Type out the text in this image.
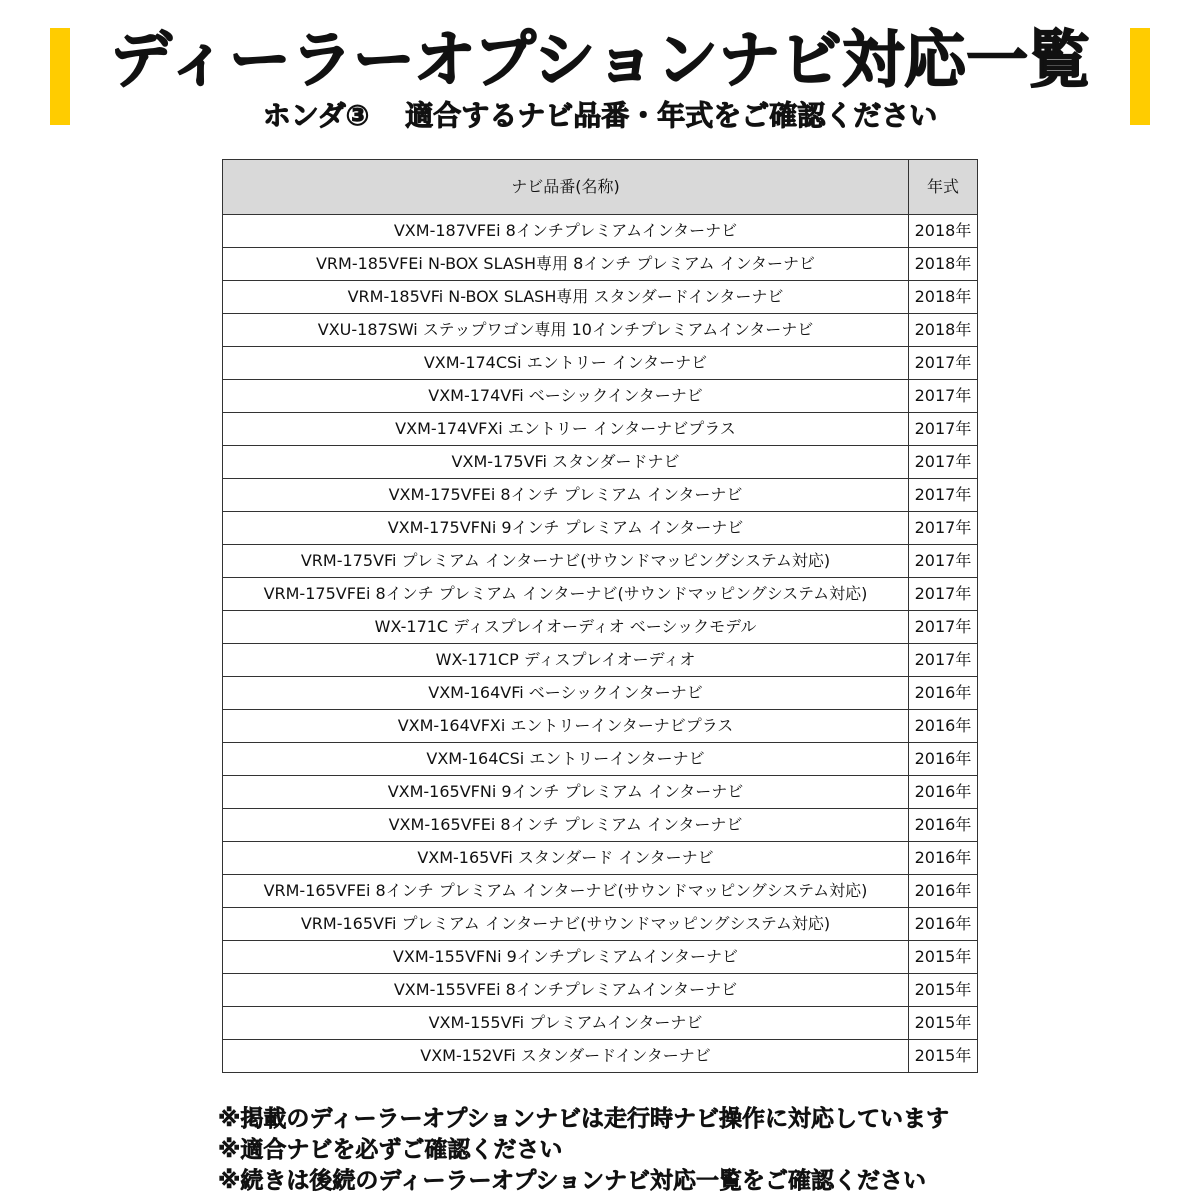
ディーラーオプションナビ対応一覧
ホンダ③ 適合するナビ品番・年式をご確認ください
ナビ品番(名称)	年式
VXM-187VFEi 8インチプレミアムインターナビ	2018年
VRM-185VFEi N-BOX SLASH専用 8インチ プレミアム インターナビ	2018年
VRM-185VFi N-BOX SLASH専用 スタンダードインターナビ	2018年
VXU-187SWi ステップワゴン専用 10インチプレミアムインターナビ	2018年
VXM-174CSi エントリー インターナビ	2017年
VXM-174VFi ベーシックインターナビ	2017年
VXM-174VFXi エントリー インターナビプラス	2017年
VXM-175VFi スタンダードナビ	2017年
VXM-175VFEi 8インチ プレミアム インターナビ	2017年
VXM-175VFNi 9インチ プレミアム インターナビ	2017年
VRM-175VFi プレミアム インターナビ(サウンドマッピングシステム対応)	2017年
VRM-175VFEi 8インチ プレミアム インターナビ(サウンドマッピングシステム対応)	2017年
WX-171C ディスプレイオーディオ ベーシックモデル	2017年
WX-171CP ディスプレイオーディオ	2017年
VXM-164VFi ベーシックインターナビ	2016年
VXM-164VFXi エントリーインターナビプラス	2016年
VXM-164CSi エントリーインターナビ	2016年
VXM-165VFNi 9インチ プレミアム インターナビ	2016年
VXM-165VFEi 8インチ プレミアム インターナビ	2016年
VXM-165VFi スタンダード インターナビ	2016年
VRM-165VFEi 8インチ プレミアム インターナビ(サウンドマッピングシステム対応)	2016年
VRM-165VFi プレミアム インターナビ(サウンドマッピングシステム対応)	2016年
VXM-155VFNi 9インチプレミアムインターナビ	2015年
VXM-155VFEi 8インチプレミアムインターナビ	2015年
VXM-155VFi プレミアムインターナビ	2015年
VXM-152VFi スタンダードインターナビ	2015年
※掲載のディーラーオプションナビは走行時ナビ操作に対応しています
※適合ナビを必ずご確認ください
※続きは後続のディーラーオプションナビ対応一覧をご確認ください
